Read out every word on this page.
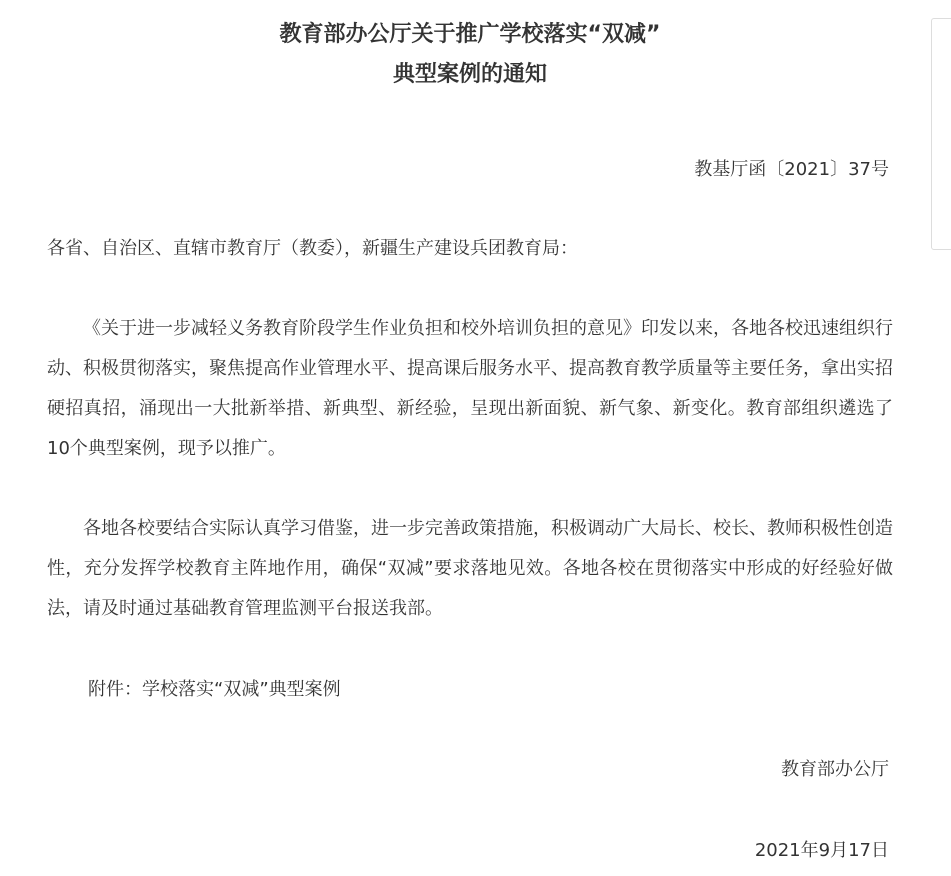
教育部办公厅关于推广学校落实“双减”
典型案例的通知

教基厅函〔2021〕37号

各省、自治区、直辖市教育厅（教委），新疆生产建设兵团教育局：

《关于进一步减轻义务教育阶段学生作业负担和校外培训负担的意见》印发以来，各地各校迅速组织行动、积极贯彻落实，聚焦提高作业管理水平、提高课后服务水平、提高教育教学质量等主要任务，拿出实招硬招真招，涌现出一大批新举措、新典型、新经验，呈现出新面貌、新气象、新变化。教育部组织遴选了10个典型案例，现予以推广。

各地各校要结合实际认真学习借鉴，进一步完善政策措施，积极调动广大局长、校长、教师积极性创造性，充分发挥学校教育主阵地作用，确保“双减”要求落地见效。各地各校在贯彻落实中形成的好经验好做法，请及时通过基础教育管理监测平台报送我部。

附件：学校落实“双减”典型案例

教育部办公厅

2021年9月17日
